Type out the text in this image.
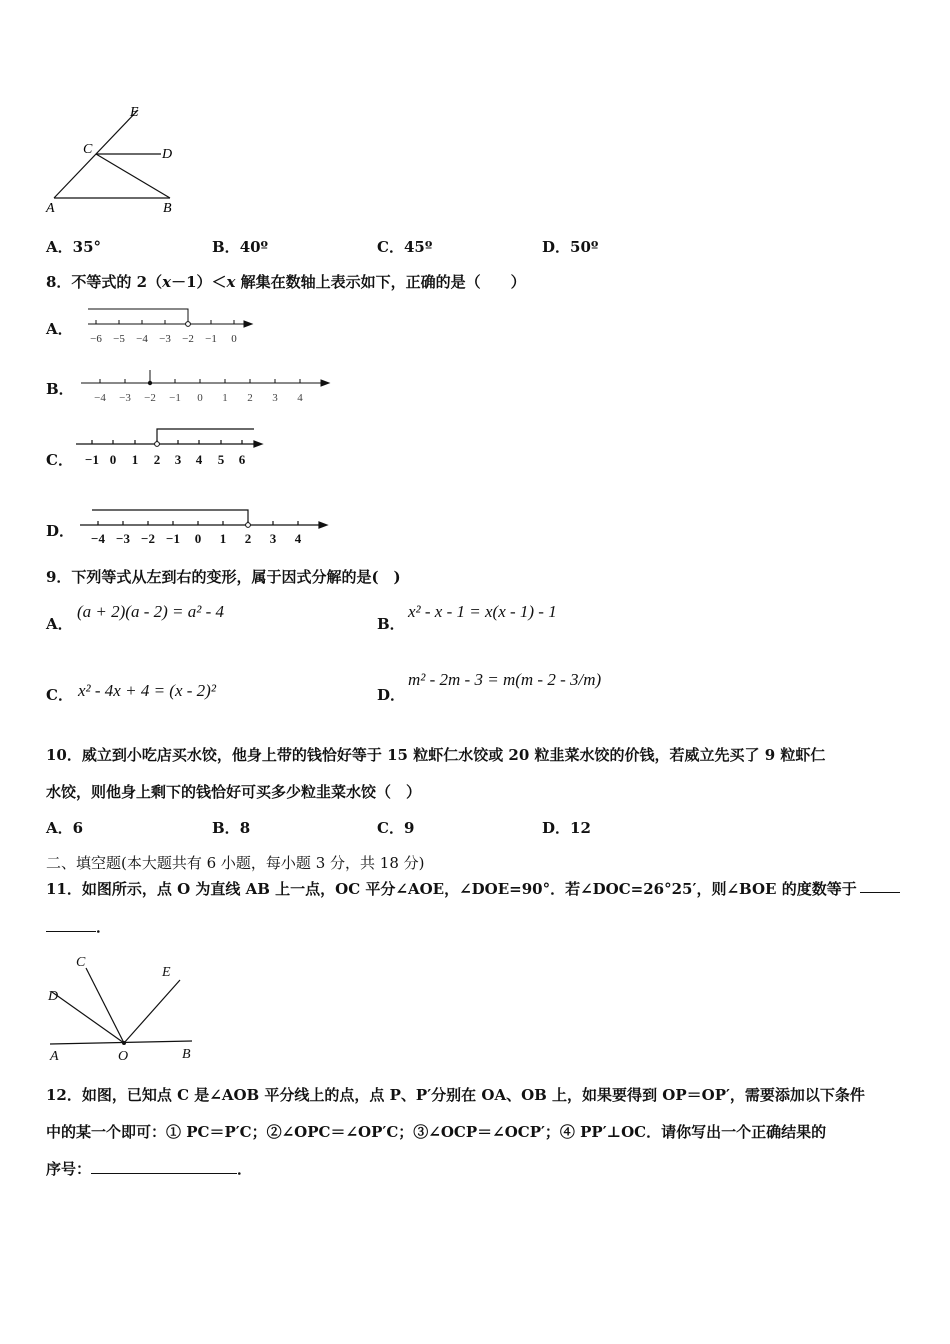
E
C	D
A	B
A．35°	B．40º	C．45º	D．50º
8．不等式的 2（x－1）＜x 解集在数轴上表示如下，正确的是（　　）
A．
−6 −5 −4 −3 −2 −1 0
B． −4 −3 −2 −1 0 1 2 3 4
C． −1 0 1 2 3 4 5 6
D． −4 −3 −2 −1 0 1 2 3 4
9．下列等式从左到右的变形，属于因式分解的是(　)
A．
(a + 2)(a - 2) = a² - 4
B．
x² - x - 1 = x(x - 1) - 1
C． x² - 4x + 4 = (x - 2)²	D．
m² - 2m - 3 = m(m - 2 - 3/m)
10．威立到小吃店买水饺，他身上带的钱恰好等于 15 粒虾仁水饺或 20 粒韭菜水饺的价钱，若威立先买了 9 粒虾仁
水饺，则他身上剩下的钱恰好可买多少粒韭菜水饺（　）
A．6	B．8	C．9	D．12
二、填空题(本大题共有 6 小题，每小题 3 分，共 18 分)
11．如图所示，点 O 为直线 AB 上一点，OC 平分∠AOE，∠DOE=90°．若∠DOC=26°25′，则∠BOE 的度数等于
．
C
E
D
A	O	B
12．如图，已知点 C 是∠AOB 平分线上的点，点 P、P′分别在 OA、OB 上，如果要得到 OP＝OP′，需要添加以下条件
中的某一个即可：① PC＝P′C；②∠OPC＝∠OP′C；③∠OCP＝∠OCP′；④ PP′⊥OC．请你写出一个正确结果的
序号：	．
